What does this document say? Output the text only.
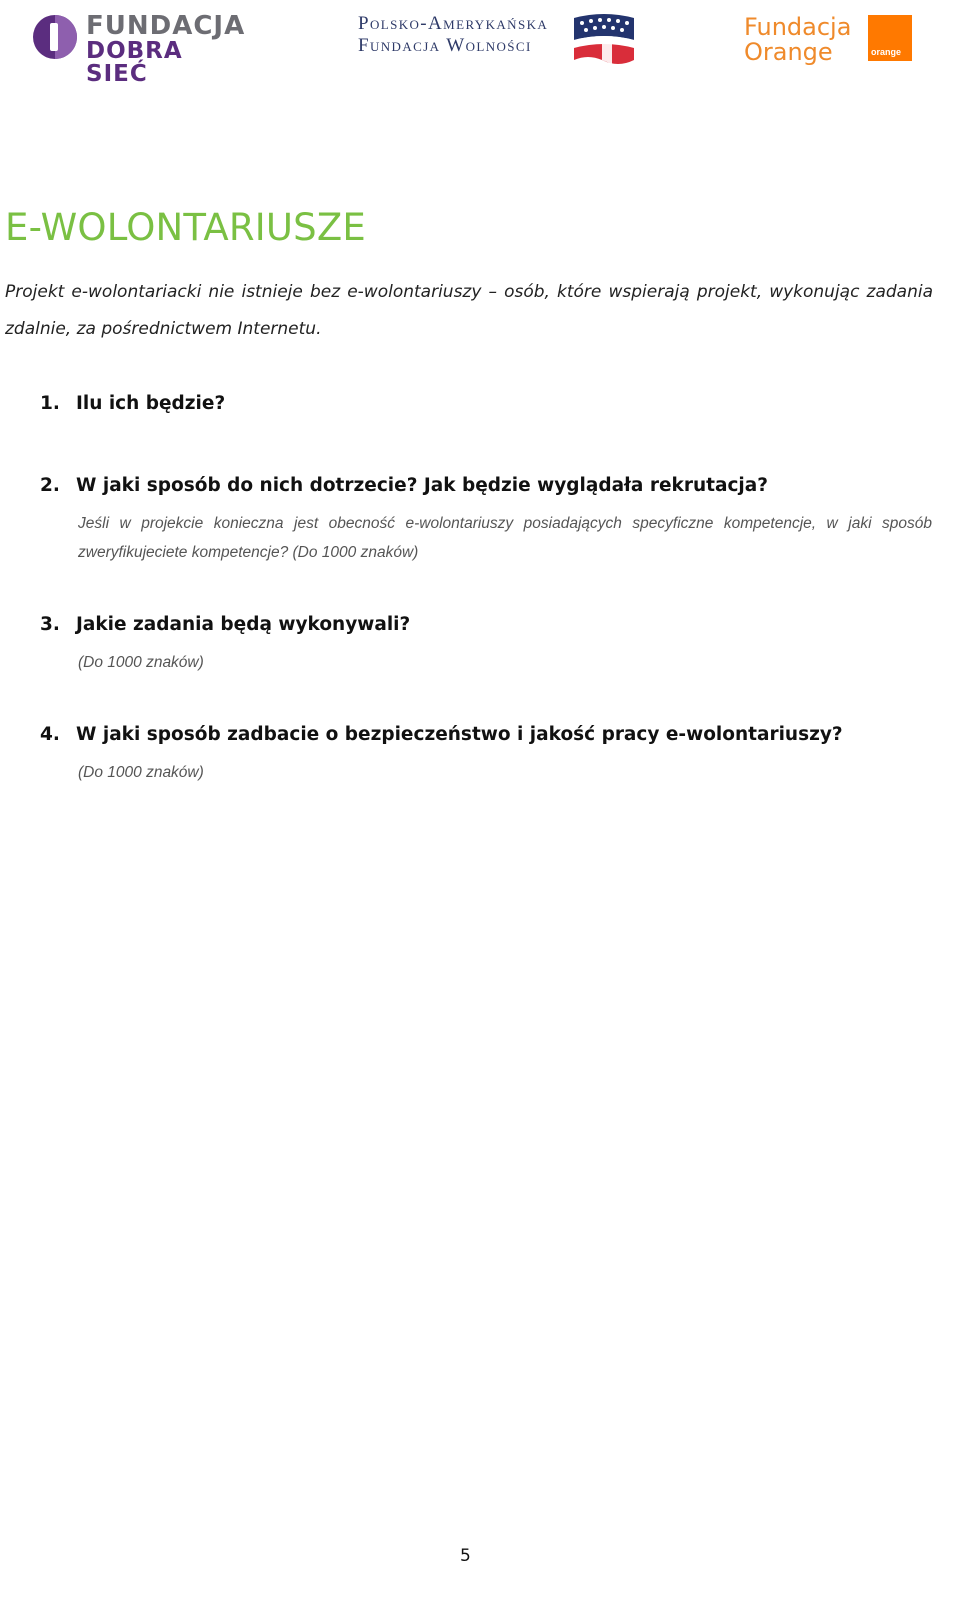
FUNDACJA
DOBRA SIEĆ
Polsko-Amerykańska
Fundacja Wolności
Fundacja
Orange	orange
E-WOLONTARIUSZE

Projekt e-wolontariacki nie istnieje bez e-wolontariuszy – osób, które wspierają projekt, wykonując zadania zdalnie, za pośrednictwem Internetu.

1. Ilu ich będzie?

2. W jaki sposób do nich dotrzecie? Jak będzie wyglądała rekrutacja?

Jeśli w projekcie konieczna jest obecność e-wolontariuszy posiadających specyficzne kompetencje, w jaki sposób zweryfikujeciete kompetencje? (Do 1000 znaków)

3. Jakie zadania będą wykonywali?

(Do 1000 znaków)

4. W jaki sposób zadbacie o bezpieczeństwo i jakość pracy e-wolontariuszy?

(Do 1000 znaków)

5
